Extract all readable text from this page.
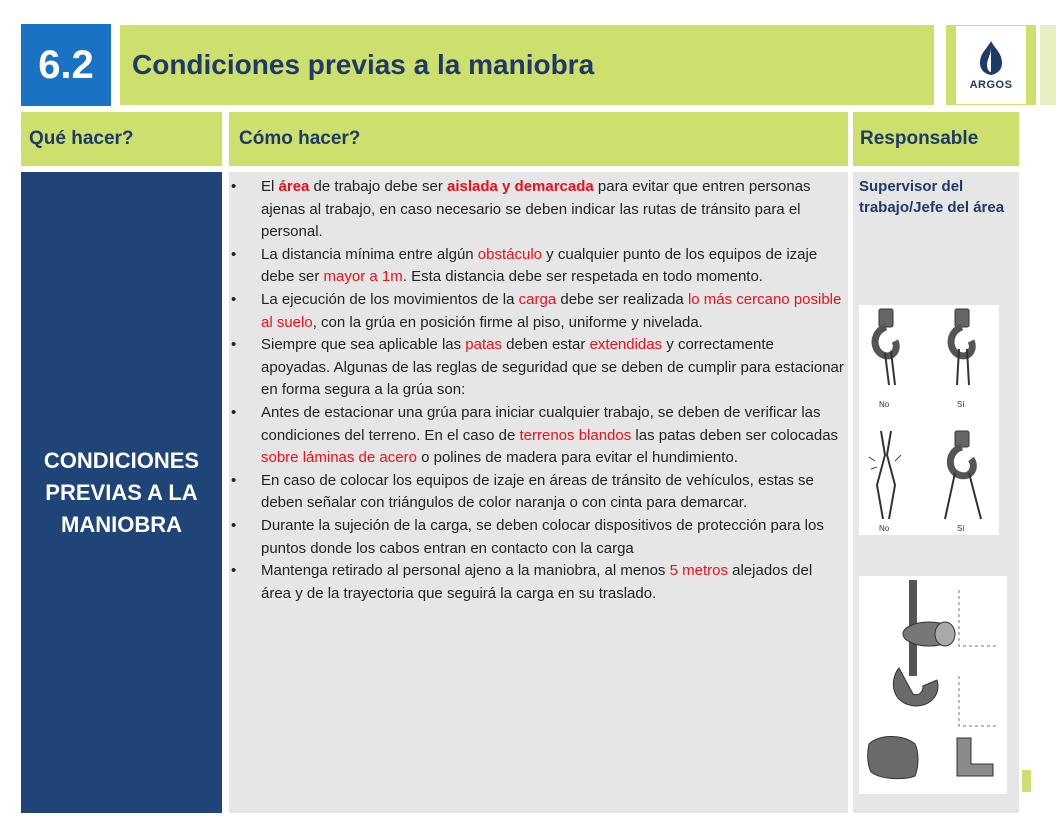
6.2 Condiciones previas a la maniobra
ARGOS
Qué hacer?	Cómo hacer?	Responsable
CONDICIONES
PREVIAS A LA
MANIOBRA
• El área de trabajo debe ser aislada y demarcada para evitar que entren personas ajenas al trabajo, en caso necesario se deben indicar las rutas de tránsito para el personal.
• La distancia mínima entre algún obstáculo y cualquier punto de los equipos de izaje debe ser mayor a 1m. Esta distancia debe ser respetada en todo momento.
• La ejecución de los movimientos de la carga debe ser realizada lo más cercano posible al suelo, con la grúa en posición firme al piso, uniforme y nivelada.
• Siempre que sea aplicable las patas deben estar extendidas y correctamente apoyadas. Algunas de las reglas de seguridad que se deben de cumplir para estacionar en forma segura a la grúa son:
• Antes de estacionar una grúa para iniciar cualquier trabajo, se deben de verificar las condiciones del terreno. En el caso de terrenos blandos las patas deben ser colocadas sobre láminas de acero o polines de madera para evitar el hundimiento.
• En caso de colocar los equipos de izaje en áreas de tránsito de vehículos, estas se deben señalar con triángulos de color naranja o con cinta para demarcar.
• Durante la sujeción de la carga, se deben colocar dispositivos de protección para los puntos donde los cabos entran en contacto con la carga
• Mantenga retirado al personal ajeno a la maniobra, al menos 5 metros alejados del área y de la trayectoria que seguirá la carga en su traslado.
Supervisor del trabajo/Jefe del área
No	Sí
No	Sí
